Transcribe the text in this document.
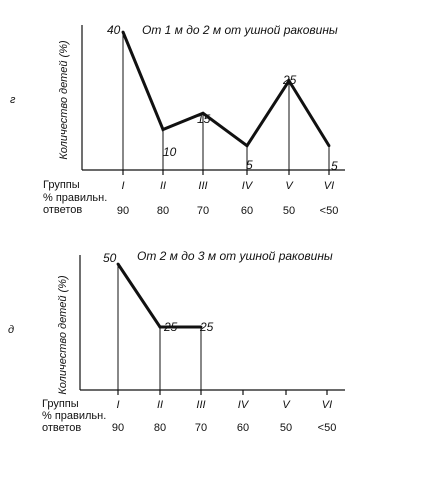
г
От 1 м до 2 м от ушной раковины
Количество детей (%)
Группы
% правильн.
ответов
I
90
II
80
III
70
IV
60
V
50
VI
<50
40
10
15
5
25
5
д
От 2 м до 3 м от ушной раковины
Количество детей (%)
Группы
% правильн.
ответов
I
90
II
80
III
70
IV
60
V
50
VI
<50
50
25 25
